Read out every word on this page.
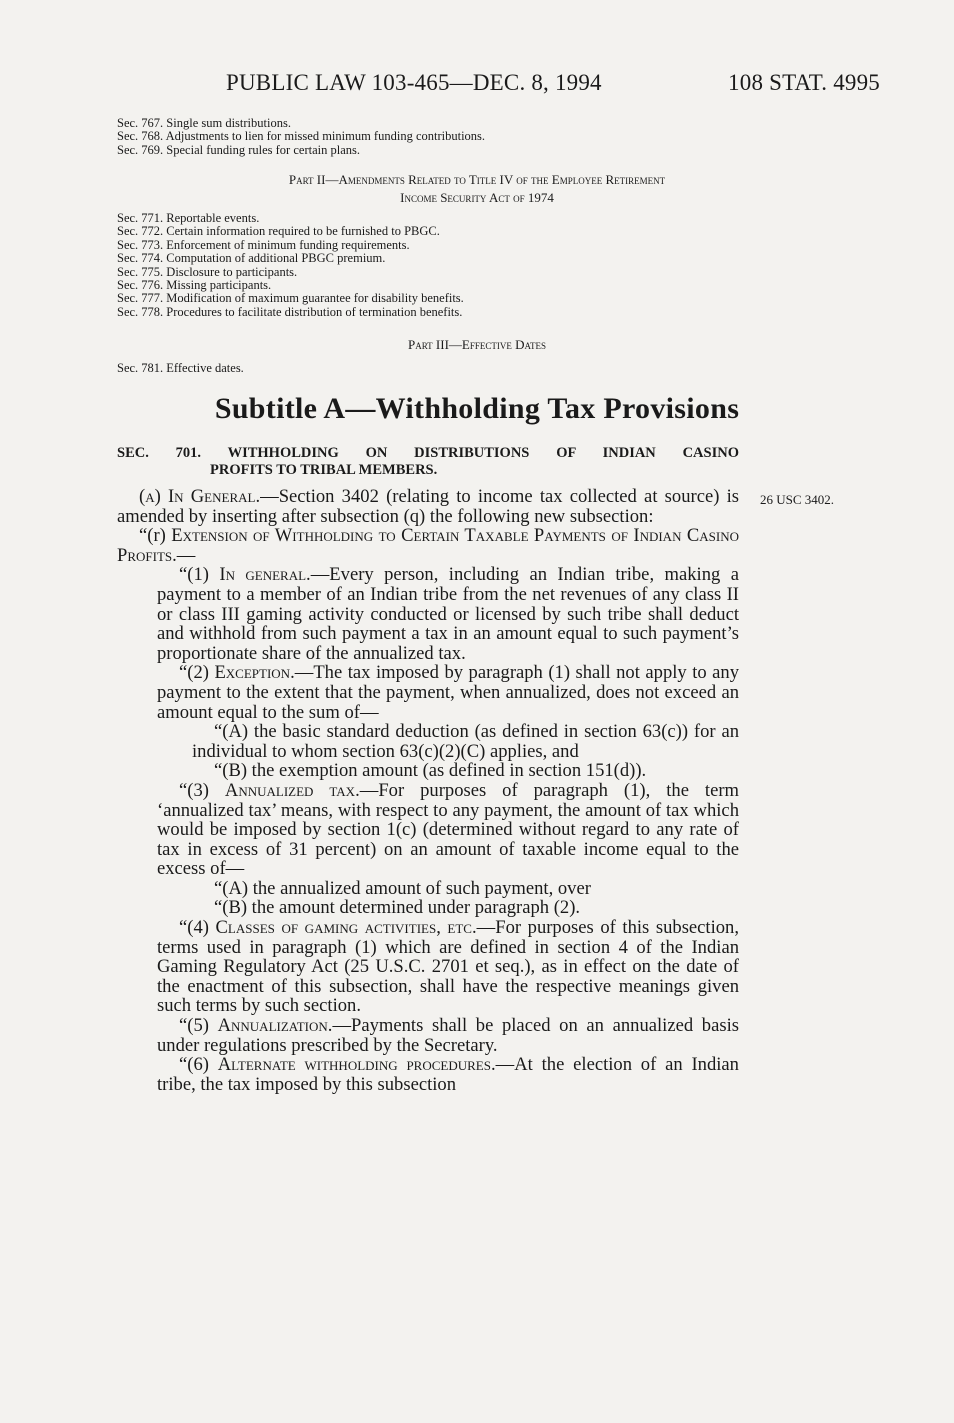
PUBLIC LAW 103-465—DEC. 8, 1994	108 STAT. 4995
Sec. 767. Single sum distributions.
Sec. 768. Adjustments to lien for missed minimum funding contributions.
Sec. 769. Special funding rules for certain plans.
Part II—Amendments Related to Title IV of the Employee Retirement
Income Security Act of 1974
Sec. 771. Reportable events.
Sec. 772. Certain information required to be furnished to PBGC.
Sec. 773. Enforcement of minimum funding requirements.
Sec. 774. Computation of additional PBGC premium.
Sec. 775. Disclosure to participants.
Sec. 776. Missing participants.
Sec. 777. Modification of maximum guarantee for disability benefits.
Sec. 778. Procedures to facilitate distribution of termination benefits.
Part III—Effective Dates
Sec. 781. Effective dates.
Subtitle A—Withholding Tax Provisions
SEC. 701. WITHHOLDING ON DISTRIBUTIONS OF INDIAN CASINO
PROFITS TO TRIBAL MEMBERS.
26 USC 3402.

(a) In General.—Section 3402 (relating to income tax collected at source) is amended by inserting after subsection (q) the following new subsection:

“(r) Extension of Withholding to Certain Taxable Payments of Indian Casino Profits.—

“(1) In general.—Every person, including an Indian tribe, making a payment to a member of an Indian tribe from the net revenues of any class II or class III gaming activity conducted or licensed by such tribe shall deduct and withhold from such payment a tax in an amount equal to such payment’s proportionate share of the annualized tax.

“(2) Exception.—The tax imposed by paragraph (1) shall not apply to any payment to the extent that the payment, when annualized, does not exceed an amount equal to the sum of—

“(A) the basic standard deduction (as defined in section 63(c)) for an individual to whom section 63(c)(2)(C) applies, and

“(B) the exemption amount (as defined in section 151(d)).

“(3) Annualized tax.—For purposes of paragraph (1), the term ‘annualized tax’ means, with respect to any payment, the amount of tax which would be imposed by section 1(c) (determined without regard to any rate of tax in excess of 31 percent) on an amount of taxable income equal to the excess of—

“(A) the annualized amount of such payment, over

“(B) the amount determined under paragraph (2).

“(4) Classes of gaming activities, etc.—For purposes of this subsection, terms used in paragraph (1) which are defined in section 4 of the Indian Gaming Regulatory Act (25 U.S.C. 2701 et seq.), as in effect on the date of the enactment of this subsection, shall have the respective meanings given such terms by such section.

“(5) Annualization.—Payments shall be placed on an annualized basis under regulations prescribed by the Secretary.

“(6) Alternate withholding procedures.—At the election of an Indian tribe, the tax imposed by this subsection
